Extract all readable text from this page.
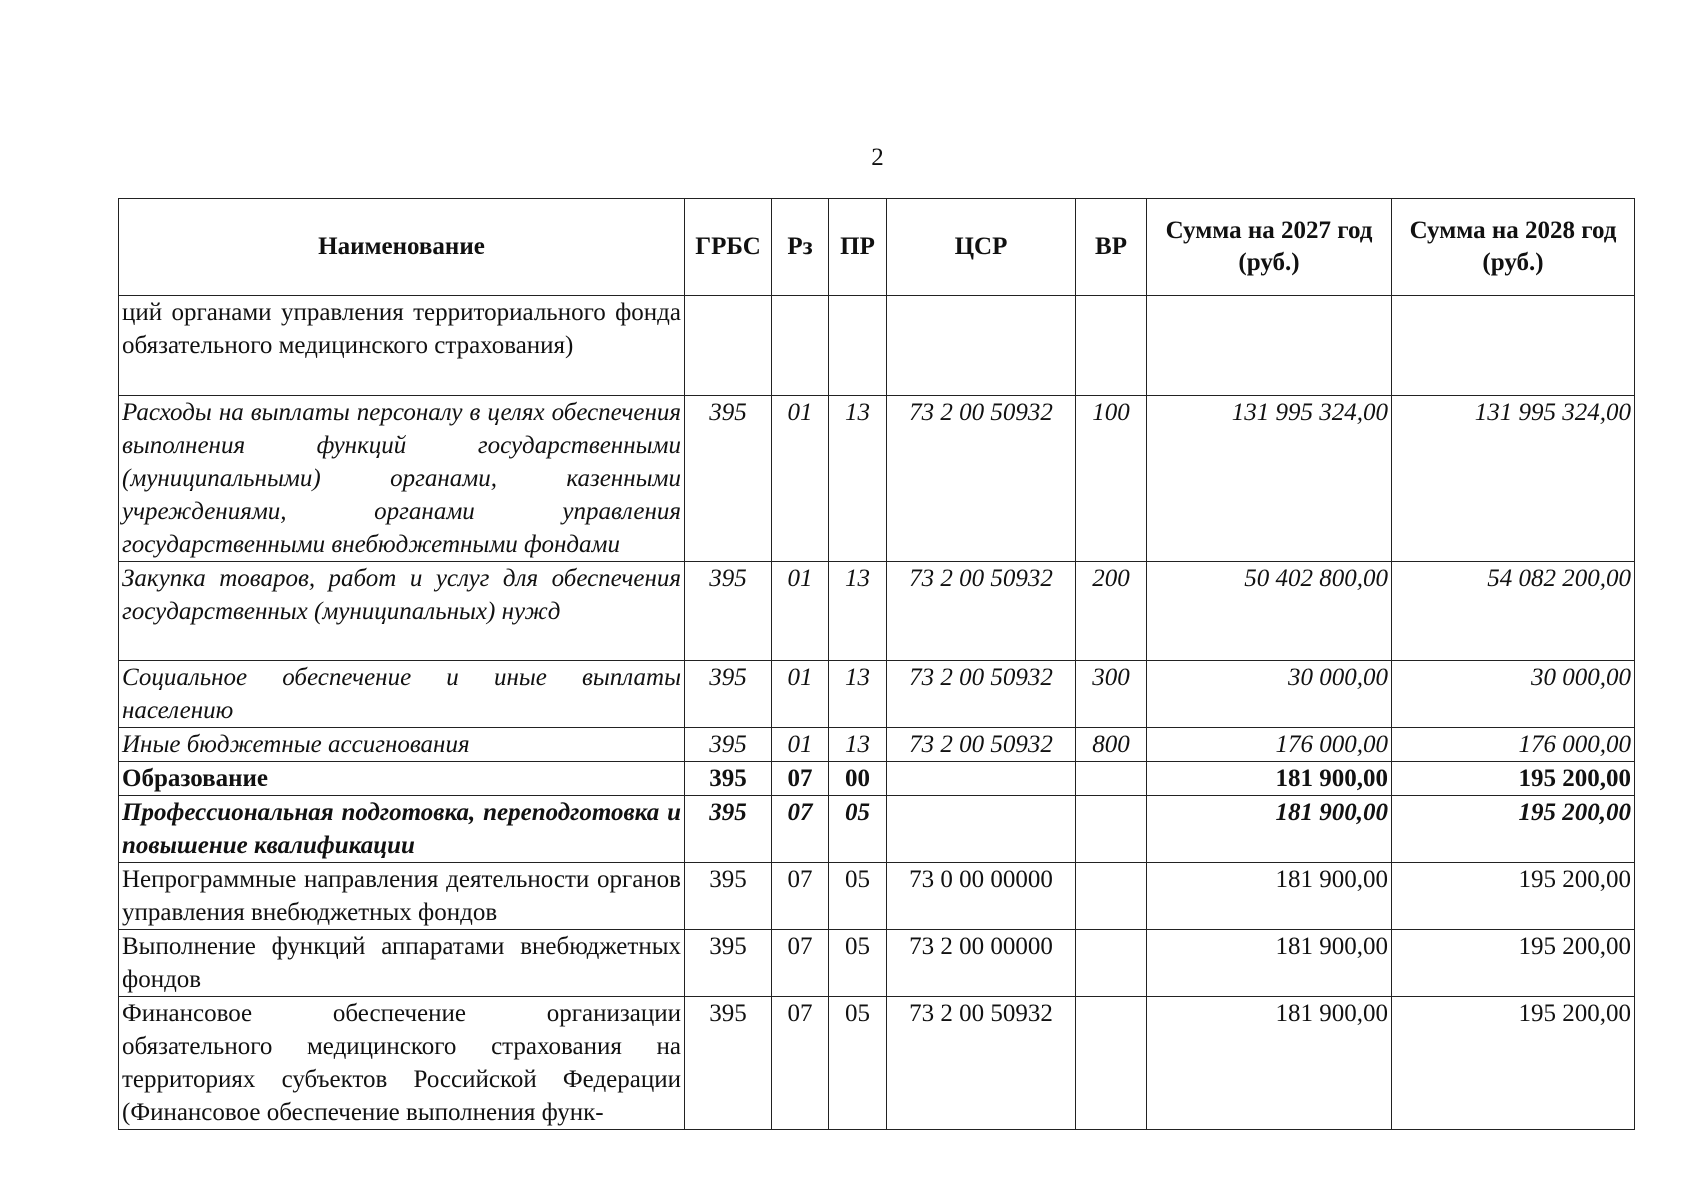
2
Наименование	ГРБС	Рз	ПР	ЦСР	ВР	Сумма на 2027 год (руб.)	Сумма на 2028 год (руб.)
ций органами управления территориального фонда обязательного медицинского страхования)							
Расходы на выплаты персоналу в целях обеспечения выполнения функций государственными (муниципальными) органами, казенными учреждениями, органами управления государственными внебюджетными фондами	395	01	13	73 2 00 50932	100	131 995 324,00	131 995 324,00
Закупка товаров, работ и услуг для обеспечения государственных (муниципальных) нужд	395	01	13	73 2 00 50932	200	50 402 800,00	54 082 200,00
Социальное обеспечение и иные выплаты населению	395	01	13	73 2 00 50932	300	30 000,00	30 000,00
Иные бюджетные ассигнования	395	01	13	73 2 00 50932	800	176 000,00	176 000,00
Образование	395	07	00			181 900,00	195 200,00
Профессиональная подготовка, переподготовка и повышение квалификации	395	07	05			181 900,00	195 200,00
Непрограммные направления деятельности органов управления внебюджетных фондов	395	07	05	73 0 00 00000		181 900,00	195 200,00
Выполнение функций аппаратами внебюджетных фондов	395	07	05	73 2 00 00000		181 900,00	195 200,00
Финансовое обеспечение организации обязательного медицинского страхования на территориях субъектов Российской Федерации (Финансовое обеспечение выполнения функ-	395	07	05	73 2 00 50932		181 900,00	195 200,00
